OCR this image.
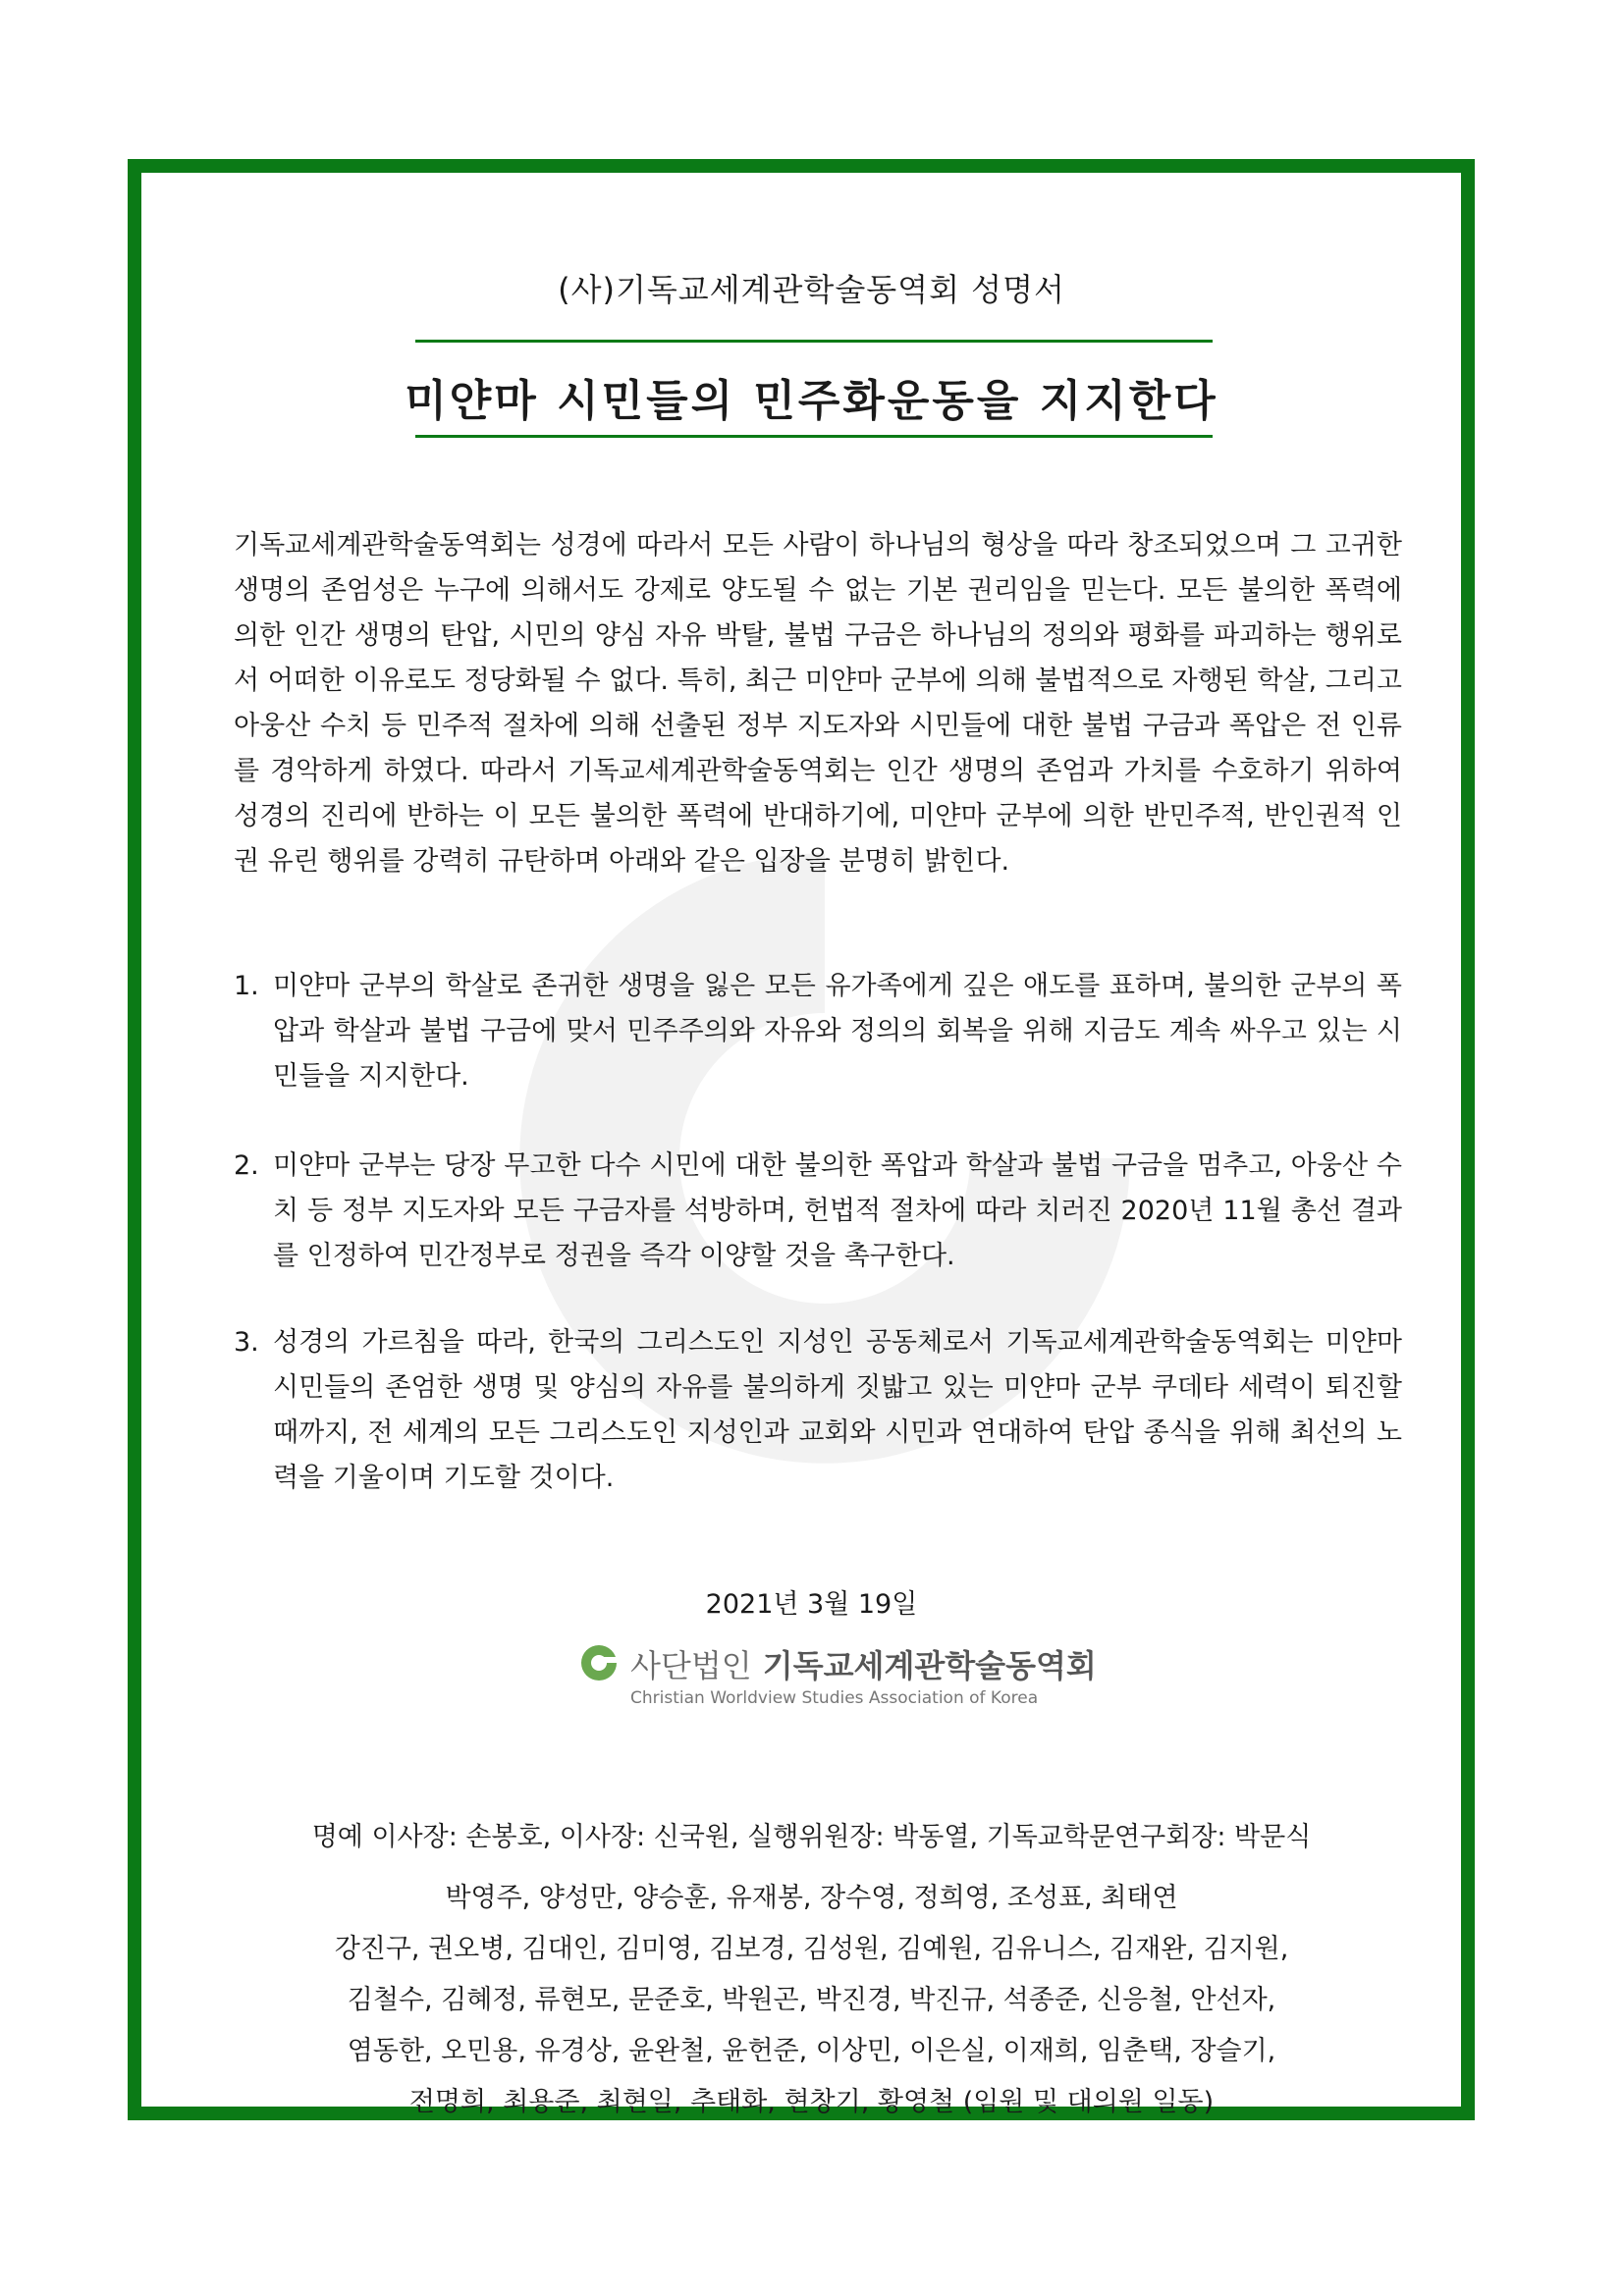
(사)기독교세계관학술동역회 성명서
미얀마 시민들의 민주화운동을 지지한다
기독교세계관학술동역회는 성경에 따라서 모든 사람이 하나님의 형상을 따라 창조되었으며 그 고귀한 생명의 존엄성은 누구에 의해서도 강제로 양도될 수 없는 기본 권리임을 믿는다. 모든 불의한 폭력에 의한 인간 생명의 탄압, 시민의 양심 자유 박탈, 불법 구금은 하나님의 정의와 평화를 파괴하는 행위로서 어떠한 이유로도 정당화될 수 없다. 특히, 최근 미얀마 군부에 의해 불법적으로 자행된 학살, 그리고 아웅산 수치 등 민주적 절차에 의해 선출된 정부 지도자와 시민들에 대한 불법 구금과 폭압은 전 인류를 경악하게 하였다. 따라서 기독교세계관학술동역회는 인간 생명의 존엄과 가치를 수호하기 위하여 성경의 진리에 반하는 이 모든 불의한 폭력에 반대하기에, 미얀마 군부에 의한 반민주적, 반인권적 인권 유린 행위를 강력히 규탄하며 아래와 같은 입장을 분명히 밝힌다.
1. 미얀마 군부의 학살로 존귀한 생명을 잃은 모든 유가족에게 깊은 애도를 표하며, 불의한 군부의 폭압과 학살과 불법 구금에 맞서 민주주의와 자유와 정의의 회복을 위해 지금도 계속 싸우고 있는 시민들을 지지한다.
2. 미얀마 군부는 당장 무고한 다수 시민에 대한 불의한 폭압과 학살과 불법 구금을 멈추고, 아웅산 수치 등 정부 지도자와 모든 구금자를 석방하며, 헌법적 절차에 따라 치러진 2020년 11월 총선 결과를 인정하여 민간정부로 정권을 즉각 이양할 것을 촉구한다.
3. 성경의 가르침을 따라, 한국의 그리스도인 지성인 공동체로서 기독교세계관학술동역회는 미얀마 시민들의 존엄한 생명 및 양심의 자유를 불의하게 짓밟고 있는 미얀마 군부 쿠데타 세력이 퇴진할 때까지, 전 세계의 모든 그리스도인 지성인과 교회와 시민과 연대하여 탄압 종식을 위해 최선의 노력을 기울이며 기도할 것이다.
2021년 3월 19일
사단법인 기독교세계관학술동역회
Christian Worldview Studies Association of Korea
명예 이사장: 손봉호, 이사장: 신국원, 실행위원장: 박동열, 기독교학문연구회장: 박문식
박영주, 양성만, 양승훈, 유재봉, 장수영, 정희영, 조성표, 최태연
강진구, 권오병, 김대인, 김미영, 김보경, 김성원, 김예원, 김유니스, 김재완, 김지원,
김철수, 김혜정, 류현모, 문준호, 박원곤, 박진경, 박진규, 석종준, 신응철, 안선자,
염동한, 오민용, 유경상, 윤완철, 윤헌준, 이상민, 이은실, 이재희, 임춘택, 장슬기,
전명희, 최용준, 최현일, 추태화, 현창기, 황영철 (임원 및 대의원 일동)
